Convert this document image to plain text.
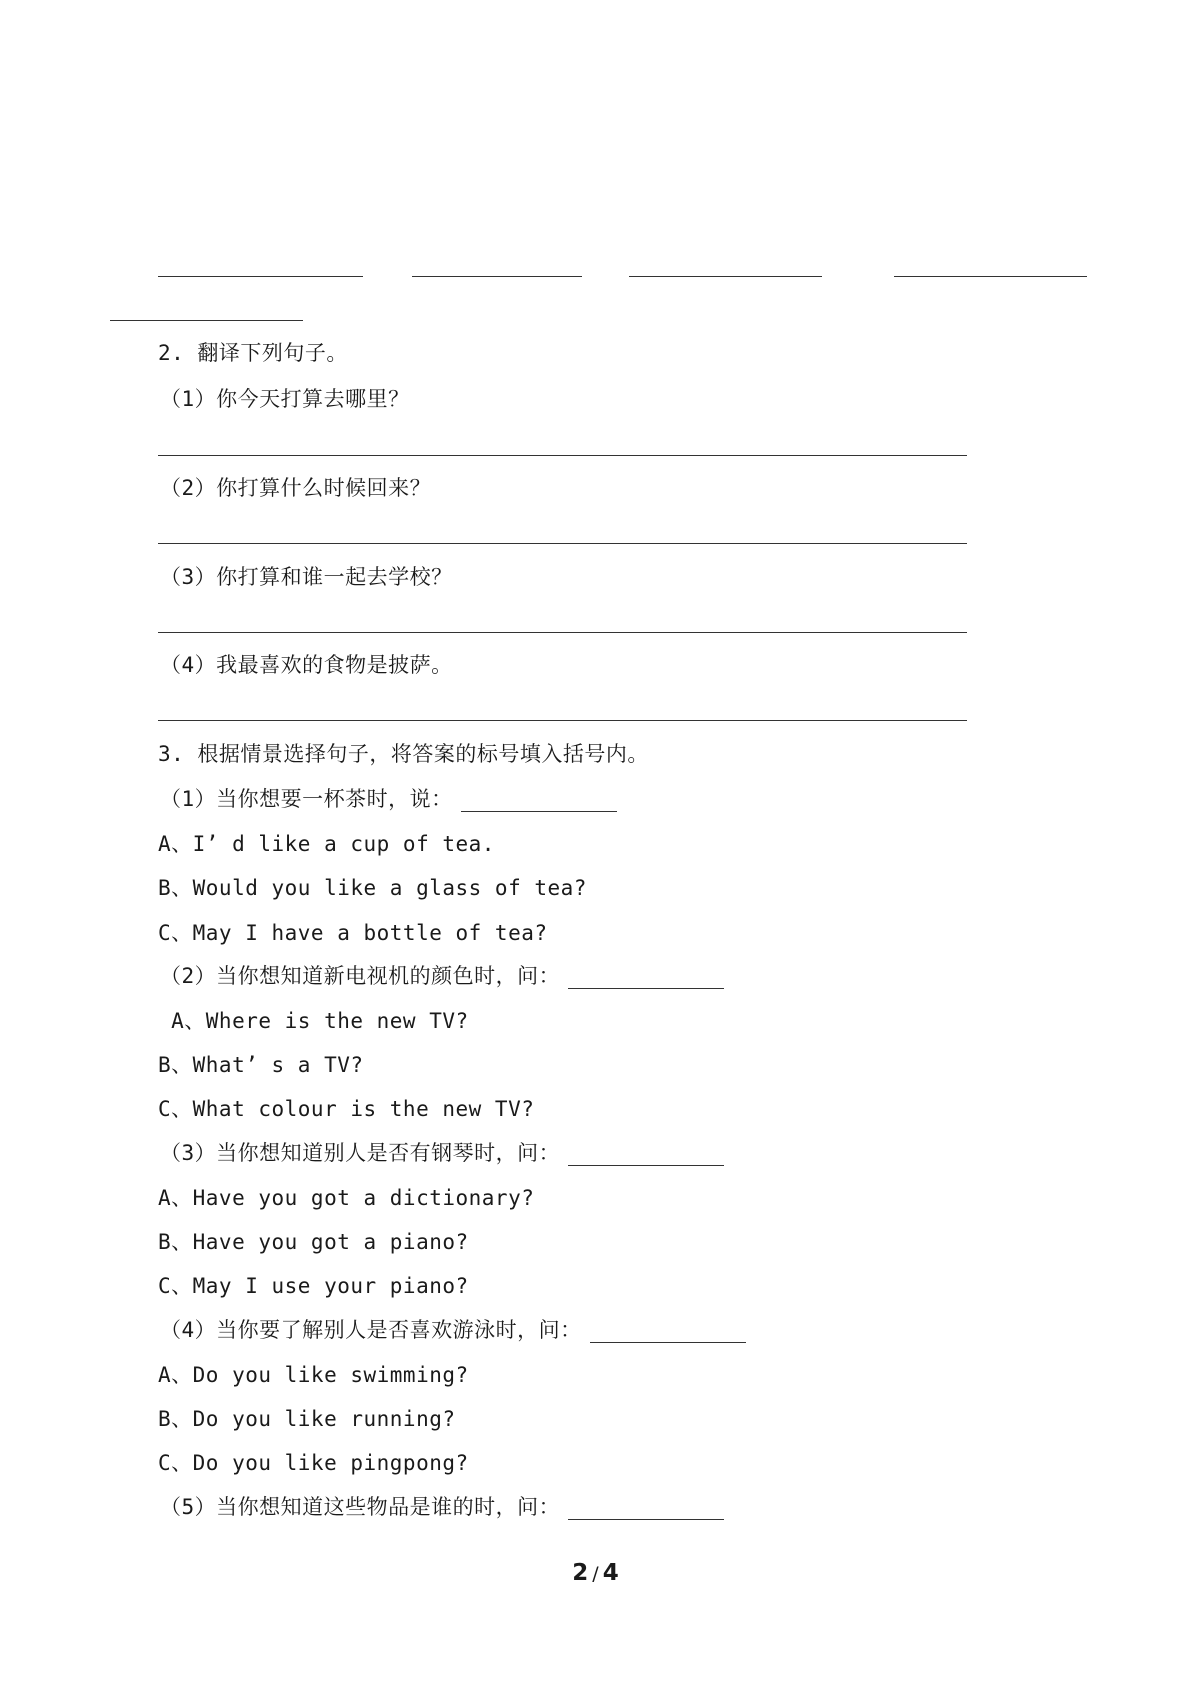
2. 翻译下列句子。
（1）你今天打算去哪里？
（2）你打算什么时候回来？
（3）你打算和谁一起去学校？
（4）我最喜欢的食物是披萨。
3. 根据情景选择句子，将答案的标号填入括号内。
（1）当你想要一杯茶时，说：
A、I’ d like a cup of tea.
B、Would you like a glass of tea?
C、May I have a bottle of tea?
（2）当你想知道新电视机的颜色时，问：
A、Where is the new TV?
B、What’ s a TV?
C、What colour is the new TV?
（3）当你想知道别人是否有钢琴时，问：
A、Have you got a dictionary?
B、Have you got a piano?
C、May I use your piano?
（4）当你要了解别人是否喜欢游泳时，问：
A、Do you like swimming?
B、Do you like running?
C、Do you like pingpong?
（5）当你想知道这些物品是谁的时，问：
2 / 4
